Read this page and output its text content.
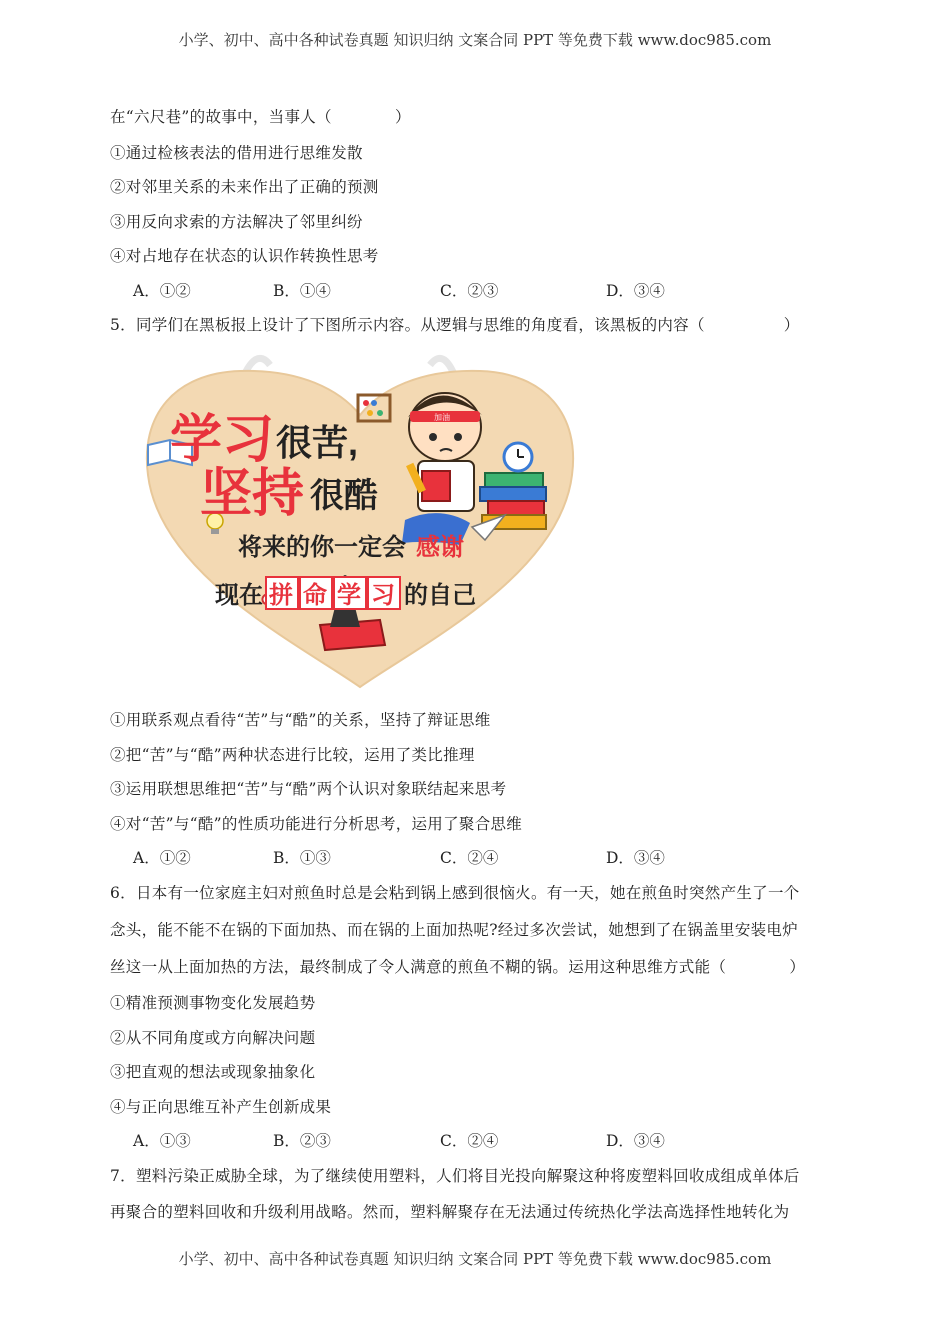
小学、初中、高中各种试卷真题 知识归纳 文案合同 PPT 等免费下载 www.doc985.com
小学、初中、高中各种试卷真题 知识归纳 文案合同 PPT 等免费下载 www.doc985.com
在“六尺巷”的故事中，当事人（　　　　）
①通过检核表法的借用进行思维发散
②对邻里关系的未来作出了正确的预测
③用反向求索的方法解决了邻里纠纷
④对占地存在状态的认识作转换性思考
A．①②	B．①④	C．②③	D．③④
5．同学们在黑板报上设计了下图所示内容。从逻辑与思维的角度看，该黑板的内容（　　　　　）
加油
学习 很苦,
坚持 很酷
将来的你一定会 感谢
现在 拼 命 学 习 的自己
①用联系观点看待“苦”与“酷”的关系，坚持了辩证思维
②把“苦”与“酷”两种状态进行比较，运用了类比推理
③运用联想思维把“苦”与“酷”两个认识对象联结起来思考
④对“苦”与“酷”的性质功能进行分析思考，运用了聚合思维
A．①②	B．①③	C．②④	D．③④
6．日本有一位家庭主妇对煎鱼时总是会粘到锅上感到很恼火。有一天，她在煎鱼时突然产生了一个
念头，能不能不在锅的下面加热、而在锅的上面加热呢?经过多次尝试，她想到了在锅盖里安装电炉
丝这一从上面加热的方法，最终制成了令人满意的煎鱼不糊的锅。运用这种思维方式能（　　　　）
①精准预测事物变化发展趋势
②从不同角度或方向解决问题
③把直观的想法或现象抽象化
④与正向思维互补产生创新成果
A．①③	B．②③	C．②④	D．③④
7．塑料污染正威胁全球，为了继续使用塑料，人们将目光投向解聚这种将废塑料回收成组成单体后
再聚合的塑料回收和升级利用战略。然而，塑料解聚存在无法通过传统热化学法高选择性地转化为
